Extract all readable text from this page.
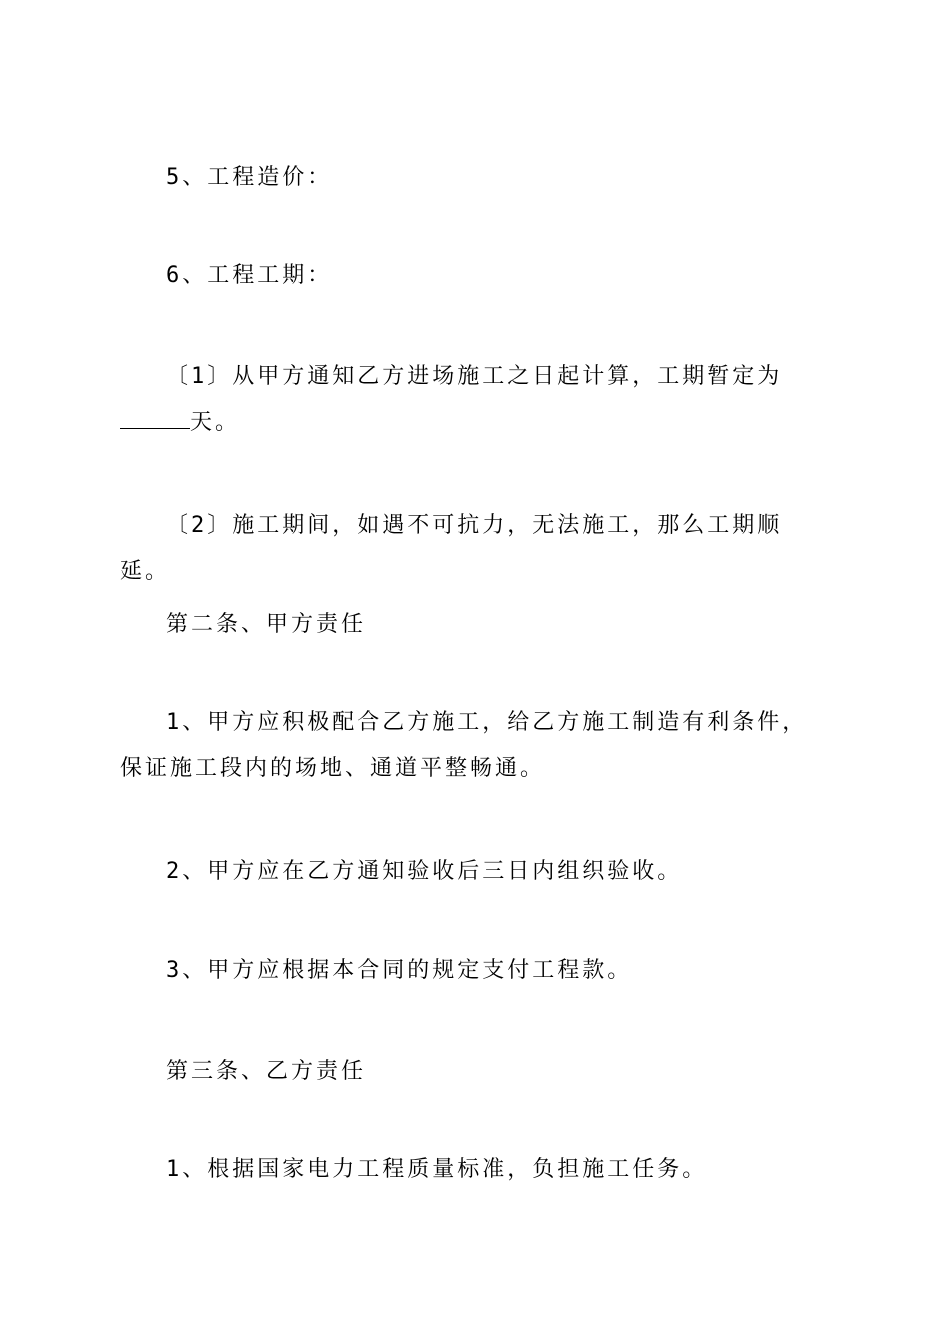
5、工程造价：

6、工程工期：

〔1〕从甲方通知乙方进场施工之日起计算，工期暂定为天。

〔2〕施工期间，如遇不可抗力，无法施工，那么工期顺延。

第二条、甲方责任

1、甲方应积极配合乙方施工，给乙方施工制造有利条件，保证施工段内的场地、通道平整畅通。

2、甲方应在乙方通知验收后三日内组织验收。

3、甲方应根据本合同的规定支付工程款。

第三条、乙方责任

1、根据国家电力工程质量标准，负担施工任务。
